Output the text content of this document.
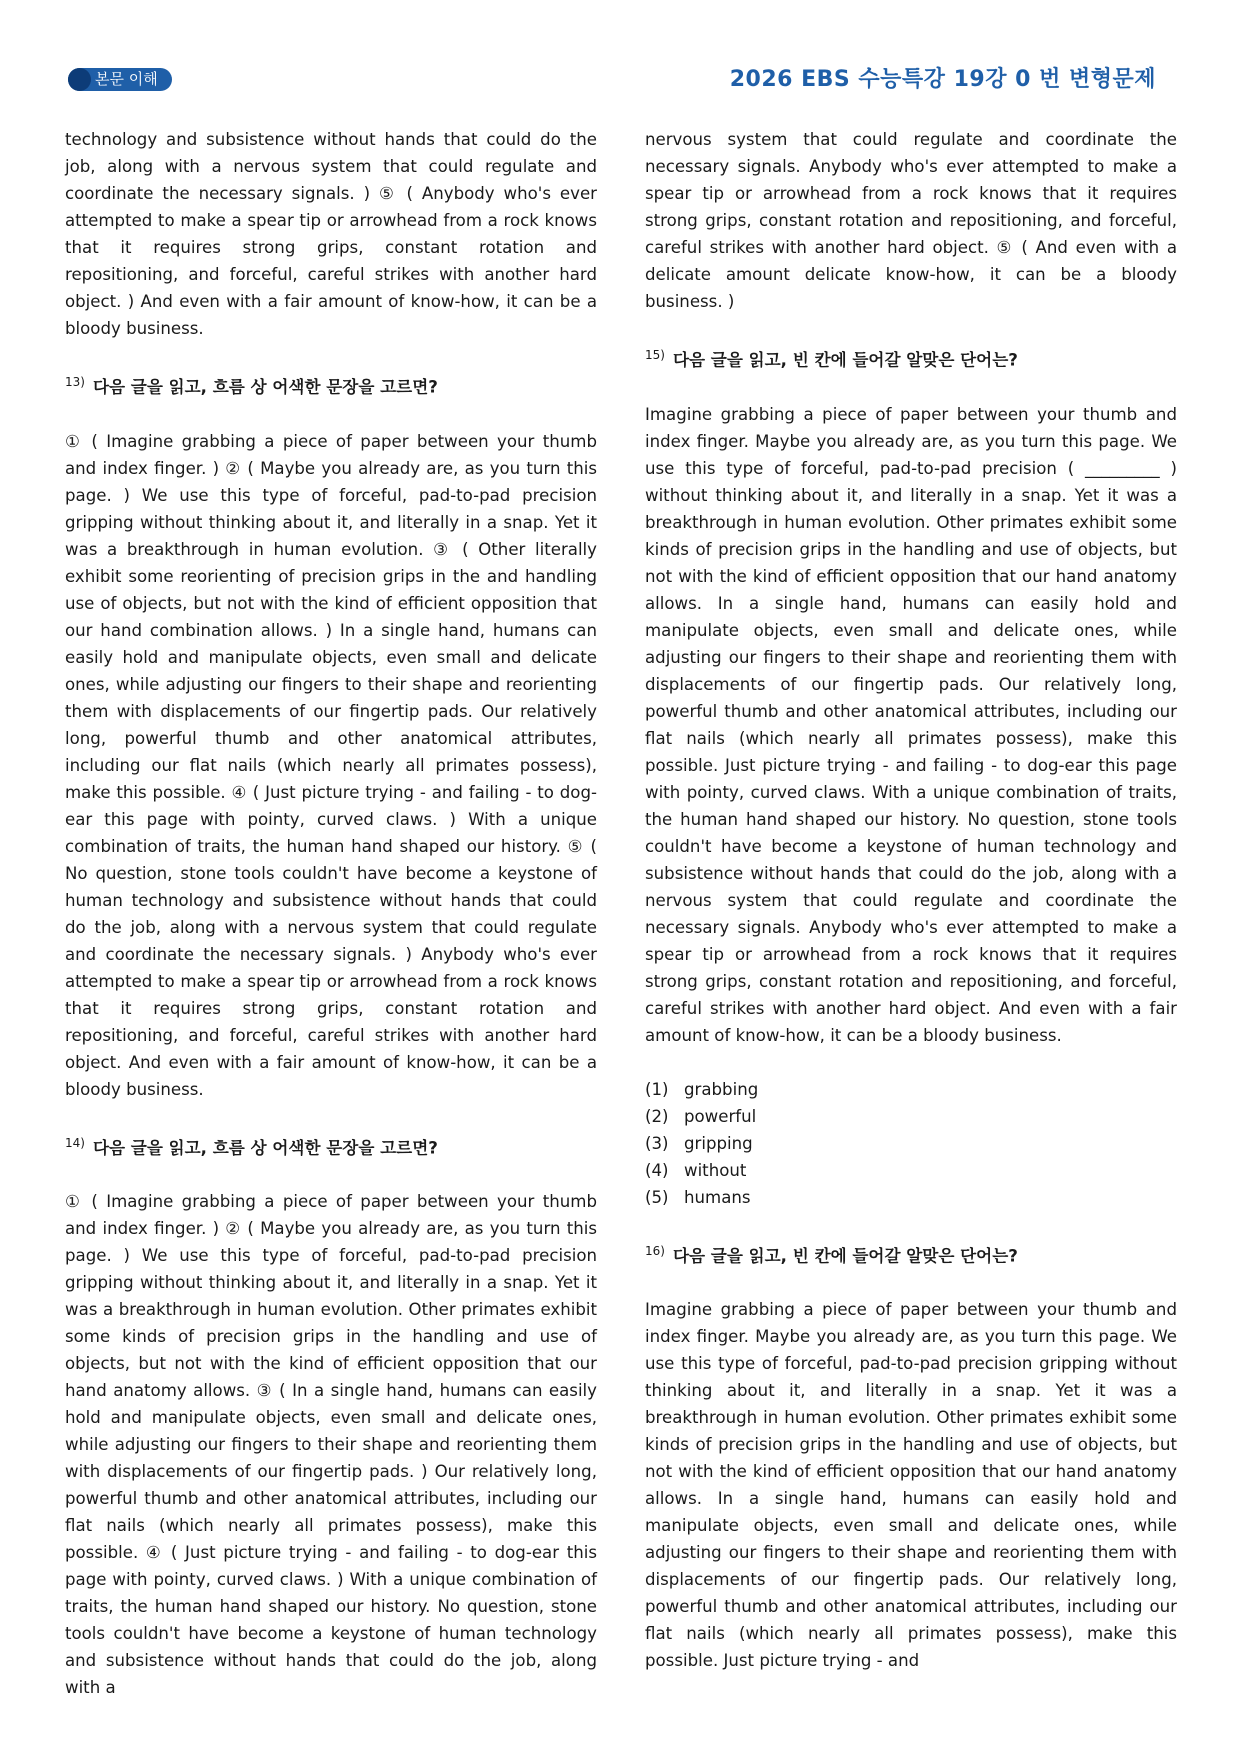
본문 이해	2026 EBS 수능특강 19강 0 번 변형문제

technology and subsistence without hands that could do the job, along with a nervous system that could regulate and coordinate the necessary signals. ) ⑤ ( Anybody who's ever attempted to make a spear tip or arrowhead from a rock knows that it requires strong grips, constant rotation and repositioning, and forceful, careful strikes with another hard object. ) And even with a fair amount of know-how, it can be a bloody business.

$^{13)}$ 다음 글을 읽고, 흐름 상 어색한 문장을 고르면?

① ( Imagine grabbing a piece of paper between your thumb and index finger. ) ② ( Maybe you already are, as you turn this page. ) We use this type of forceful, pad-to-pad precision gripping without thinking about it, and literally in a snap. Yet it was a breakthrough in human evolution. ③ ( Other literally exhibit some reorienting of precision grips in the and handling use of objects, but not with the kind of efficient opposition that our hand combination allows. ) In a single hand, humans can easily hold and manipulate objects, even small and delicate ones, while adjusting our fingers to their shape and reorienting them with displacements of our fingertip pads. Our relatively long, powerful thumb and other anatomical attributes, including our flat nails (which nearly all primates possess), make this possible. ④ ( Just picture trying - and failing - to dog-ear this page with pointy, curved claws. ) With a unique combination of traits, the human hand shaped our history. ⑤ ( No question, stone tools couldn't have become a keystone of human technology and subsistence without hands that could do the job, along with a nervous system that could regulate and coordinate the necessary signals. ) Anybody who's ever attempted to make a spear tip or arrowhead from a rock knows that it requires strong grips, constant rotation and repositioning, and forceful, careful strikes with another hard object. And even with a fair amount of know-how, it can be a bloody business.

$^{14)}$ 다음 글을 읽고, 흐름 상 어색한 문장을 고르면?

① ( Imagine grabbing a piece of paper between your thumb and index finger. ) ② ( Maybe you already are, as you turn this page. ) We use this type of forceful, pad-to-pad precision gripping without thinking about it, and literally in a snap. Yet it was a breakthrough in human evolution. Other primates exhibit some kinds of precision grips in the handling and use of objects, but not with the kind of efficient opposition that our hand anatomy allows. ③ ( In a single hand, humans can easily hold and manipulate objects, even small and delicate ones, while adjusting our fingers to their shape and reorienting them with displacements of our fingertip pads. ) Our relatively long, powerful thumb and other anatomical attributes, including our flat nails (which nearly all primates possess), make this possible. ④ ( Just picture trying - and failing - to dog-ear this page with pointy, curved claws. ) With a unique combination of traits, the human hand shaped our history. No question, stone tools couldn't have become a keystone of human technology and subsistence without hands that could do the job, along with a

nervous system that could regulate and coordinate the necessary signals. Anybody who's ever attempted to make a spear tip or arrowhead from a rock knows that it requires strong grips, constant rotation and repositioning, and forceful, careful strikes with another hard object. ⑤ ( And even with a delicate amount delicate know-how, it can be a bloody business. )

$^{15)}$ 다음 글을 읽고, 빈 칸에 들어갈 알맞은 단어는?

Imagine grabbing a piece of paper between your thumb and index finger. Maybe you already are, as you turn this page. We use this type of forceful, pad-to-pad precision ( _________ ) without thinking about it, and literally in a snap. Yet it was a breakthrough in human evolution. Other primates exhibit some kinds of precision grips in the handling and use of objects, but not with the kind of efficient opposition that our hand anatomy allows. In a single hand, humans can easily hold and manipulate objects, even small and delicate ones, while adjusting our fingers to their shape and reorienting them with displacements of our fingertip pads. Our relatively long, powerful thumb and other anatomical attributes, including our flat nails (which nearly all primates possess), make this possible. Just picture trying - and failing - to dog-ear this page with pointy, curved claws. With a unique combination of traits, the human hand shaped our history. No question, stone tools couldn't have become a keystone of human technology and subsistence without hands that could do the job, along with a nervous system that could regulate and coordinate the necessary signals. Anybody who's ever attempted to make a spear tip or arrowhead from a rock knows that it requires strong grips, constant rotation and repositioning, and forceful, careful strikes with another hard object. And even with a fair amount of know-how, it can be a bloody business.

(1) grabbing
(2) powerful
(3) gripping
(4) without
(5) humans
$^{16)}$ 다음 글을 읽고, 빈 칸에 들어갈 알맞은 단어는?

Imagine grabbing a piece of paper between your thumb and index finger. Maybe you already are, as you turn this page. We use this type of forceful, pad-to-pad precision gripping without thinking about it, and literally in a snap. Yet it was a breakthrough in human evolution. Other primates exhibit some kinds of precision grips in the handling and use of objects, but not with the kind of efficient opposition that our hand anatomy allows. In a single hand, humans can easily hold and manipulate objects, even small and delicate ones, while adjusting our fingers to their shape and reorienting them with displacements of our fingertip pads. Our relatively long, powerful thumb and other anatomical attributes, including our flat nails (which nearly all primates possess), make this possible. Just picture trying - and
